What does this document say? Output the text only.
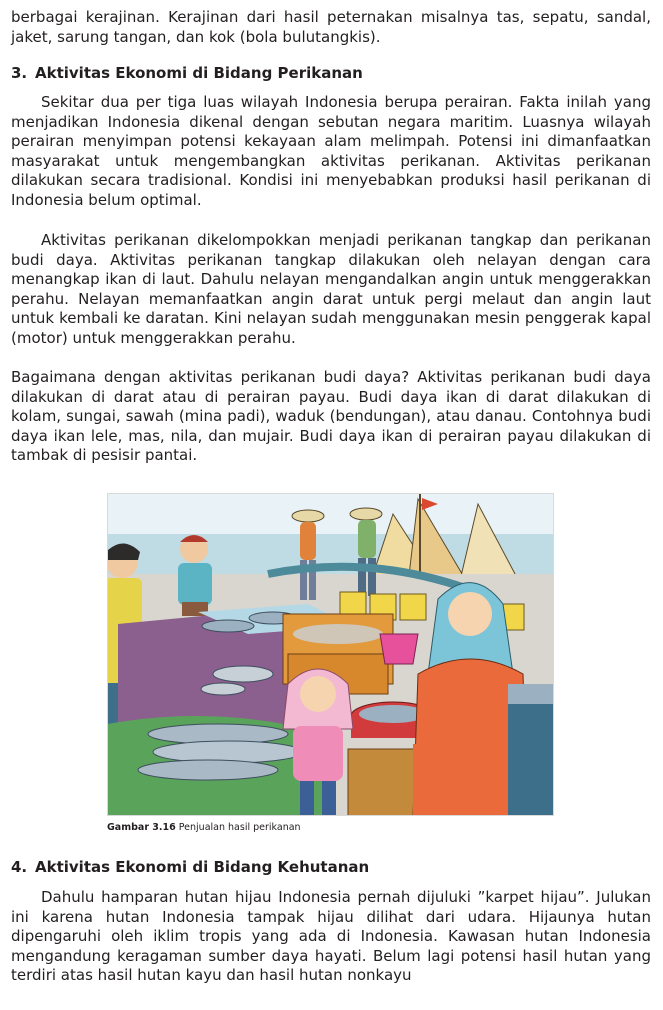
berbagai kerajinan. Kerajinan dari hasil peternakan misalnya tas, sepatu, sandal, jaket, sarung tangan, dan kok (bola bulutangkis).

3. Aktivitas Ekonomi di Bidang Perikanan

Sekitar dua per tiga luas wilayah Indonesia berupa perairan. Fakta inilah yang menjadikan Indonesia dikenal dengan sebutan negara maritim. Luasnya wilayah perairan menyimpan potensi kekayaan alam melimpah. Potensi ini dimanfaatkan masyarakat untuk mengembangkan aktivitas perikanan. Aktivitas perikanan dilakukan secara tradisional. Kondisi ini menyebabkan produksi hasil perikanan di Indonesia belum optimal.

Aktivitas perikanan dikelompokkan menjadi perikanan tangkap dan perikanan budi daya. Aktivitas perikanan tangkap dilakukan oleh nelayan dengan cara menangkap ikan di laut. Dahulu nelayan mengandalkan angin untuk menggerakkan perahu. Nelayan memanfaatkan angin darat untuk pergi melaut dan angin laut untuk kembali ke daratan. Kini nelayan sudah menggunakan mesin penggerak kapal (motor) untuk menggerakkan perahu.

Bagaimana dengan aktivitas perikanan budi daya? Aktivitas perikanan budi daya dilakukan di darat atau di perairan payau. Budi daya ikan di darat dilakukan di kolam, sungai, sawah (mina padi), waduk (bendungan), atau danau. Contohnya budi daya ikan lele, mas, nila, dan mujair. Budi daya ikan di perairan payau dilakukan di tambak di pesisir pantai.

Gambar 3.16 Penjualan hasil perikanan
4. Aktivitas Ekonomi di Bidang Kehutanan

Dahulu hamparan hutan hijau Indonesia pernah dijuluki ”karpet hijau”. Julukan ini karena hutan Indonesia tampak hijau dilihat dari udara. Hijaunya hutan dipengaruhi oleh iklim tropis yang ada di Indonesia. Kawasan hutan Indonesia mengandung keragaman sumber daya hayati. Belum lagi potensi hasil hutan yang terdiri atas hasil hutan kayu dan hasil hutan nonkayu
